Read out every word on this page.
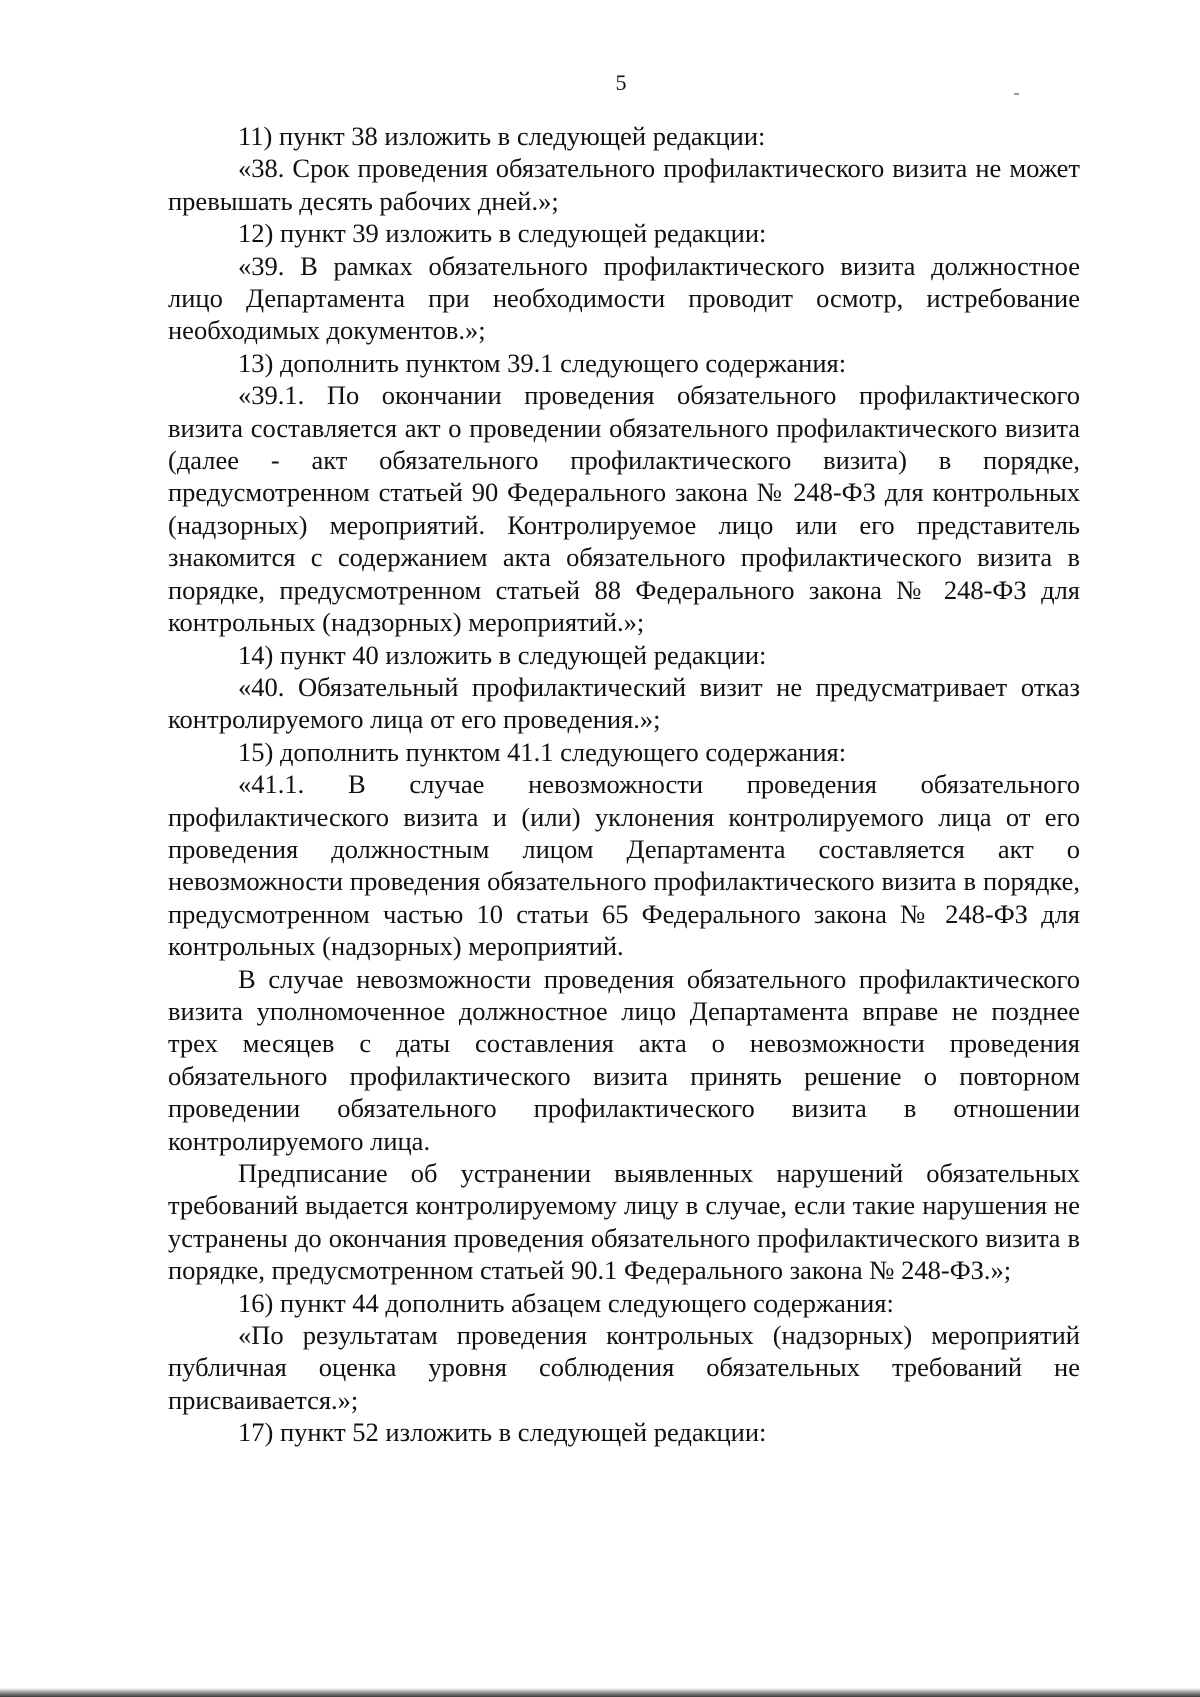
5

11) пункт 38 изложить в следующей редакции:

«38. Срок проведения обязательного профилактического визита не может превышать десять рабочих дней.»;

12) пункт 39 изложить в следующей редакции:

«39. В рамках обязательного профилактического визита должностное лицо Департамента при необходимости проводит осмотр, истребование необходимых документов.»;

13) дополнить пунктом 39.1 следующего содержания:

«39.1. По окончании проведения обязательного профилактического визита составляется акт о проведении обязательного профилактического визита (далее - акт обязательного профилактического визита) в порядке, предусмотренном статьей 90 Федерального закона № 248-ФЗ для контрольных (надзорных) мероприятий. Контролируемое лицо или его представитель знакомится с содержанием акта обязательного профилактического визита в порядке, предусмотренном статьей 88 Федерального закона № 248-ФЗ для контрольных (надзорных) мероприятий.»;

14) пункт 40 изложить в следующей редакции:

«40. Обязательный профилактический визит не предусматривает отказ контролируемого лица от его проведения.»;

15) дополнить пунктом 41.1 следующего содержания:

«41.1. В случае невозможности проведения обязательного профилактического визита и (или) уклонения контролируемого лица от его проведения должностным лицом Департамента составляется акт о невозможности проведения обязательного профилактического визита в порядке, предусмотренном частью 10 статьи 65 Федерального закона № 248-ФЗ для контрольных (надзорных) мероприятий.

В случае невозможности проведения обязательного профилактического визита уполномоченное должностное лицо Департамента вправе не позднее трех месяцев с даты составления акта о невозможности проведения обязательного профилактического визита принять решение о повторном проведении обязательного профилактического визита в отношении контролируемого лица.

Предписание об устранении выявленных нарушений обязательных требований выдается контролируемому лицу в случае, если такие нарушения не устранены до окончания проведения обязательного профилактического визита в порядке, предусмотренном статьей 90.1 Федерального закона № 248-ФЗ.»;

16) пункт 44 дополнить абзацем следующего содержания:

«По результатам проведения контрольных (надзорных) мероприятий публичная оценка уровня соблюдения обязательных требований не присваивается.»;

17) пункт 52 изложить в следующей редакции:
